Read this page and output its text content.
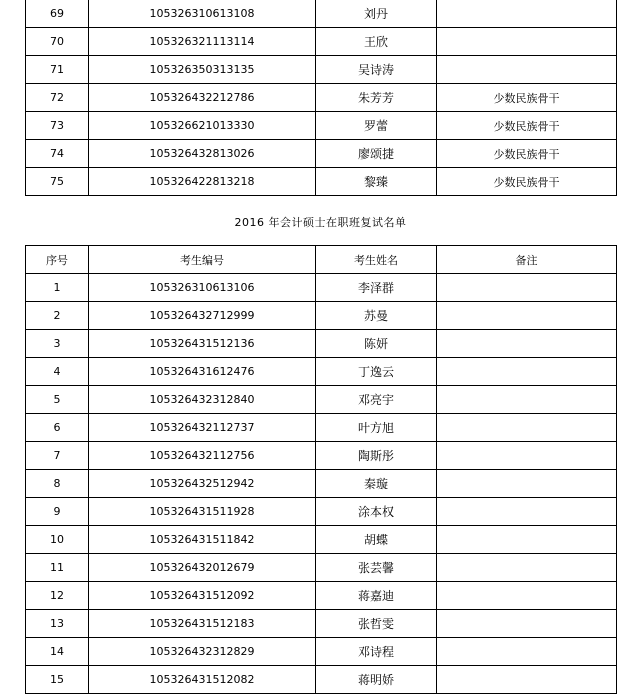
69	105326310613108	刘丹	
70	105326321113114	王欣	
71	105326350313135	吴诗涛	
72	105326432212786	朱芳芳	少数民族骨干
73	105326621013330	罗蕾	少数民族骨干
74	105326432813026	廖颂捷	少数民族骨干
75	105326422813218	黎臻	少数民族骨干
2016 年会计硕士在职班复试名单
序号	考生编号	考生姓名	备注
1	105326310613106	李泽群	
2	105326432712999	苏曼	
3	105326431512136	陈妍	
4	105326431612476	丁逸云	
5	105326432312840	邓亮宇	
6	105326432112737	叶方旭	
7	105326432112756	陶斯彤	
8	105326432512942	秦璇	
9	105326431511928	涂本权	
10	105326431511842	胡蝶	
11	105326432012679	张芸馨	
12	105326431512092	蒋嘉迪	
13	105326431512183	张哲雯	
14	105326432312829	邓诗程	
15	105326431512082	蒋明娇	
